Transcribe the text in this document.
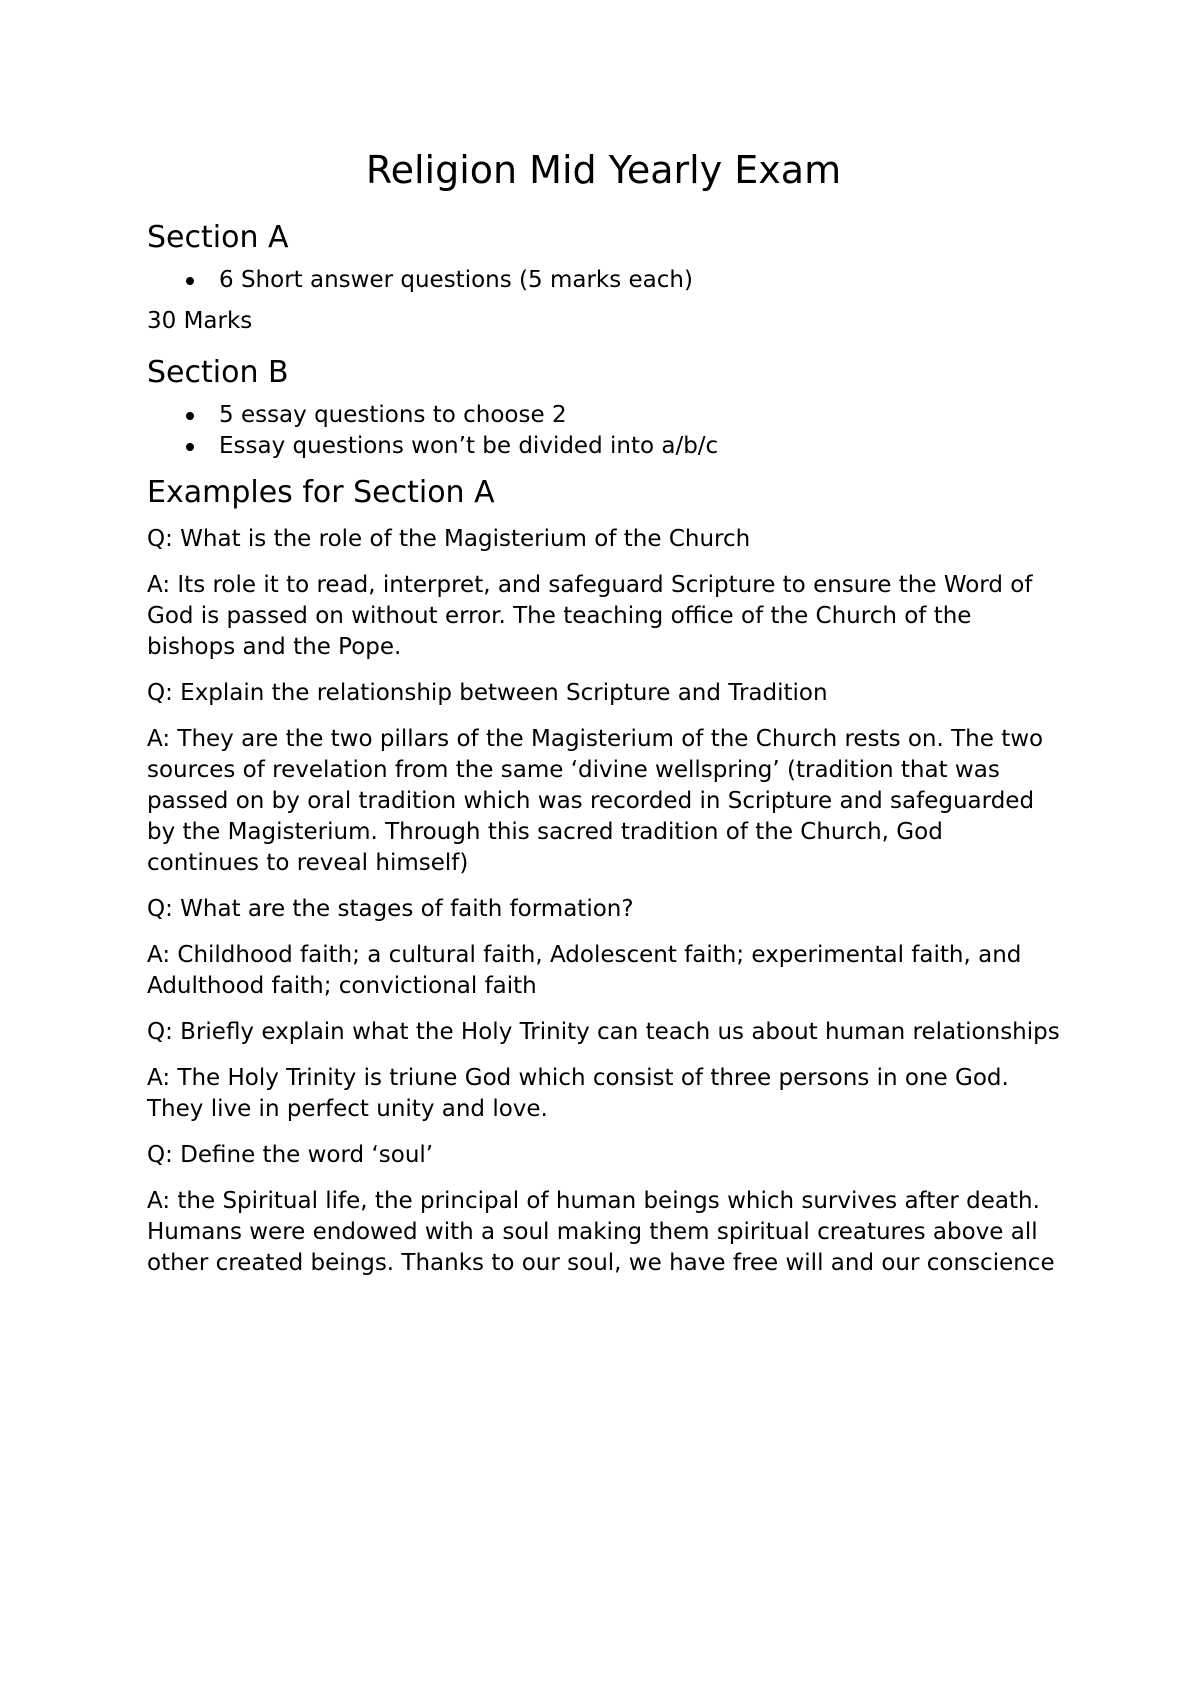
Religion Mid Yearly Exam
Section A
6 Short answer questions (5 marks each)

30 Marks

Section B
5 essay questions to choose 2
Essay questions won’t be divided into a/b/c
Examples for Section A

Q: What is the role of the Magisterium of the Church

A: Its role it to read, interpret, and safeguard Scripture to ensure the Word of God is passed on without error. The teaching office of the Church of the bishops and the Pope.

Q: Explain the relationship between Scripture and Tradition

A: They are the two pillars of the Magisterium of the Church rests on. The two sources of revelation from the same ‘divine wellspring’ (tradition that was passed on by oral tradition which was recorded in Scripture and safeguarded by the Magisterium. Through this sacred tradition of the Church, God continues to reveal himself)

Q: What are the stages of faith formation?

A: Childhood faith; a cultural faith, Adolescent faith; experimental faith, and Adulthood faith; convictional faith

Q: Briefly explain what the Holy Trinity can teach us about human relationships

A: The Holy Trinity is triune God which consist of three persons in one God. They live in perfect unity and love.

Q: Define the word ‘soul’

A: the Spiritual life, the principal of human beings which survives after death. Humans were endowed with a soul making them spiritual creatures above all other created beings. Thanks to our soul, we have free will and our conscience
